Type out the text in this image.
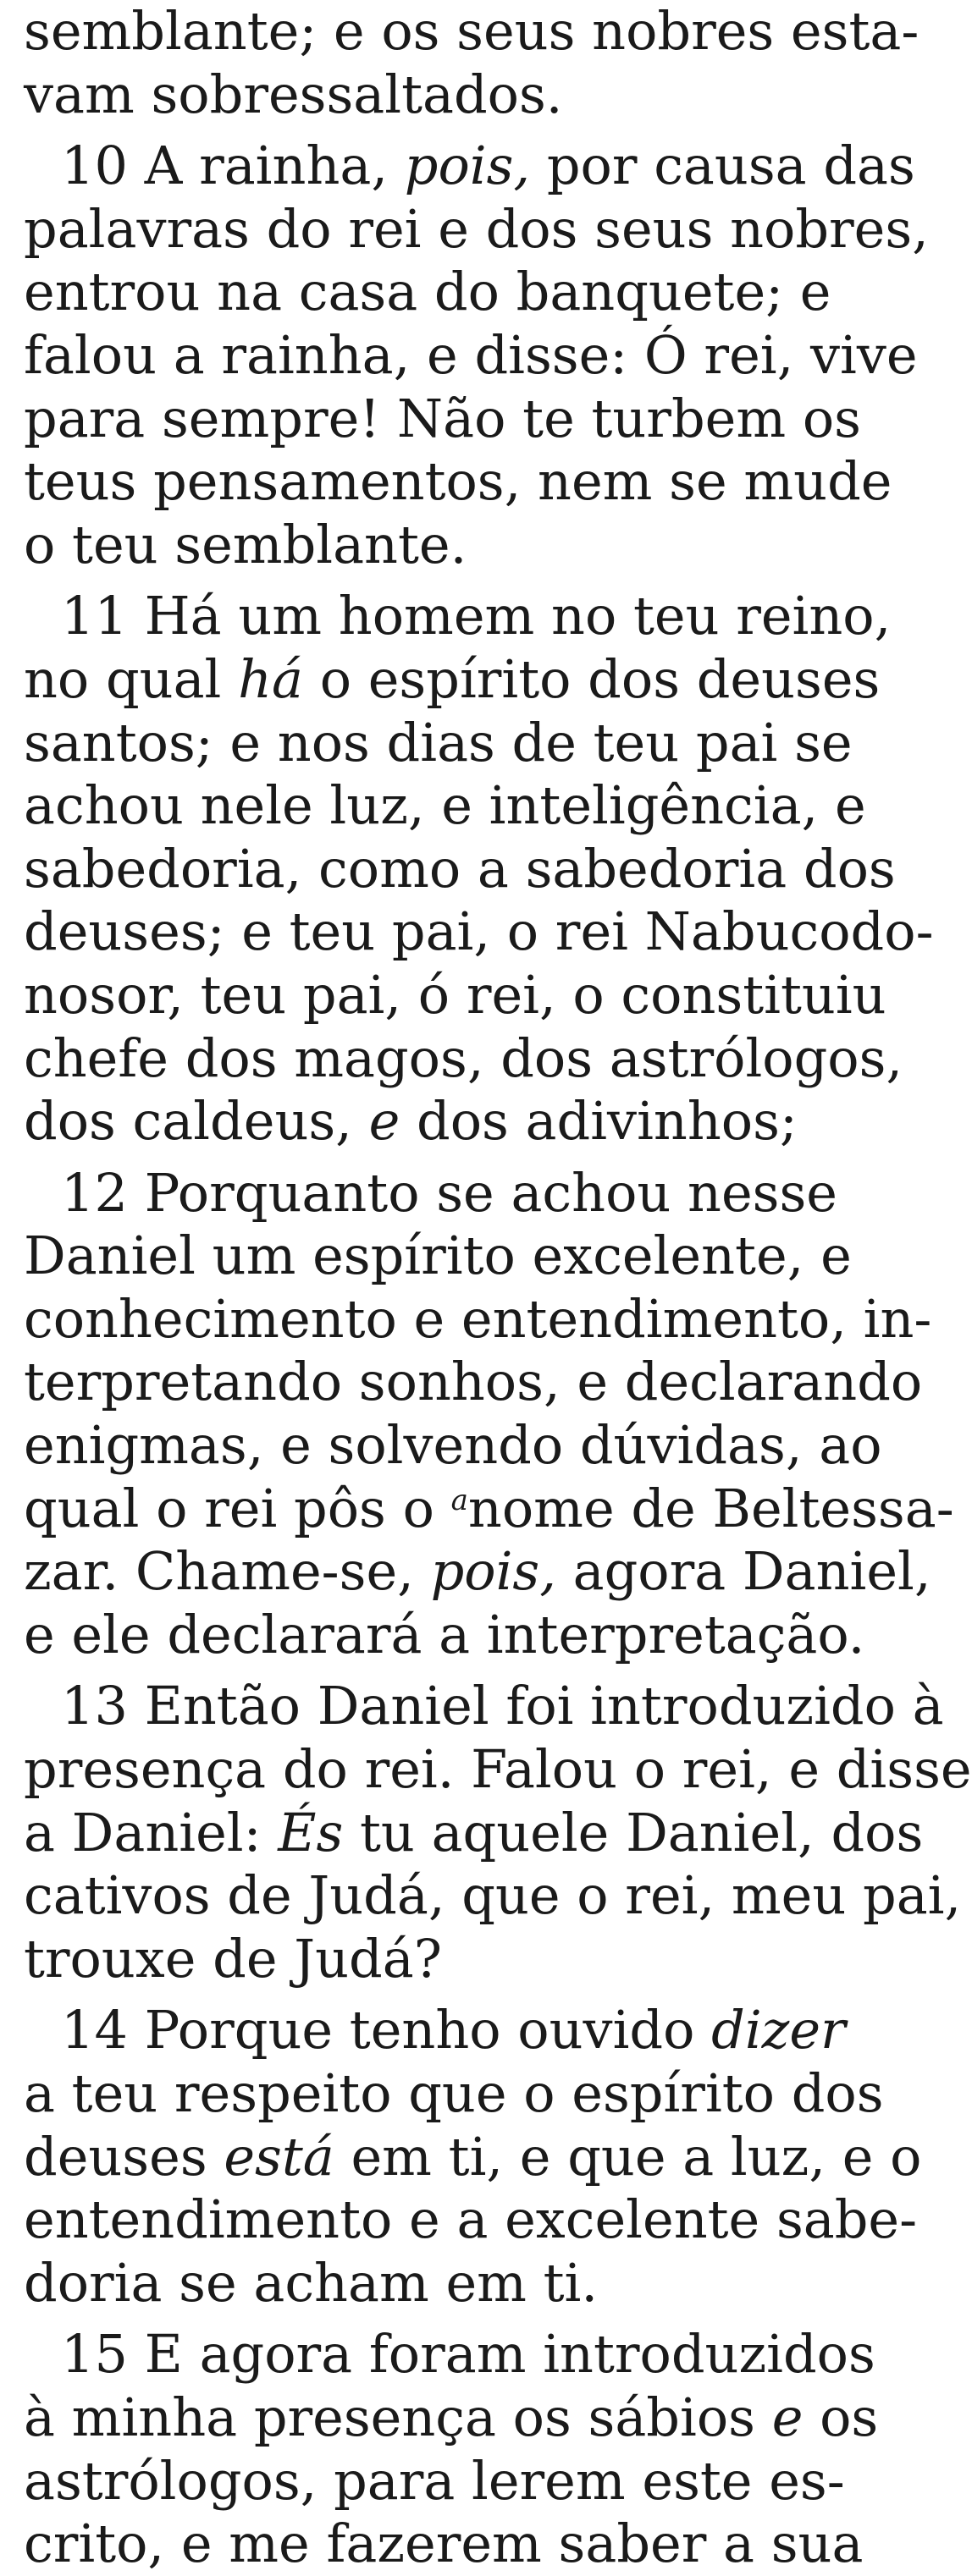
semblante; e os seus nobres esta-
vam sobressaltados.
10 A rainha, pois, por causa das
palavras do rei e dos seus nobres,
entrou na casa do banquete; e
falou a rainha, e disse: Ó rei, vive
para sempre! Não te turbem os
teus pensamentos, nem se mude
o teu semblante.
11 Há um homem no teu reino,
no qual há o espírito dos deuses
santos; e nos dias de teu pai se
achou nele luz, e inteligência, e
sabedoria, como a sabedoria dos
deuses; e teu pai, o rei Nabucodo-
nosor, teu pai, ó rei, o constituiu
chefe dos magos, dos astrólogos,
dos caldeus, e dos adivinhos;
12 Porquanto se achou nesse
Daniel um espírito excelente, e
conhecimento e entendimento, in-
terpretando sonhos, e declarando
enigmas, e solvendo dúvidas, ao
qual o rei pôs o $^a$nome de Beltessa-
zar. Chame-se, pois, agora Daniel,
e ele declarará a interpretação.
13 Então Daniel foi introduzido à
presença do rei. Falou o rei, e disse
a Daniel: És tu aquele Daniel, dos
cativos de Judá, que o rei, meu pai,
trouxe de Judá?
14 Porque tenho ouvido dizer
a teu respeito que o espírito dos
deuses está em ti, e que a luz, e o
entendimento e a excelente sabe-
doria se acham em ti.
15 E agora foram introduzidos
à minha presença os sábios e os
astrólogos, para lerem este es-
crito, e me fazerem saber a sua
